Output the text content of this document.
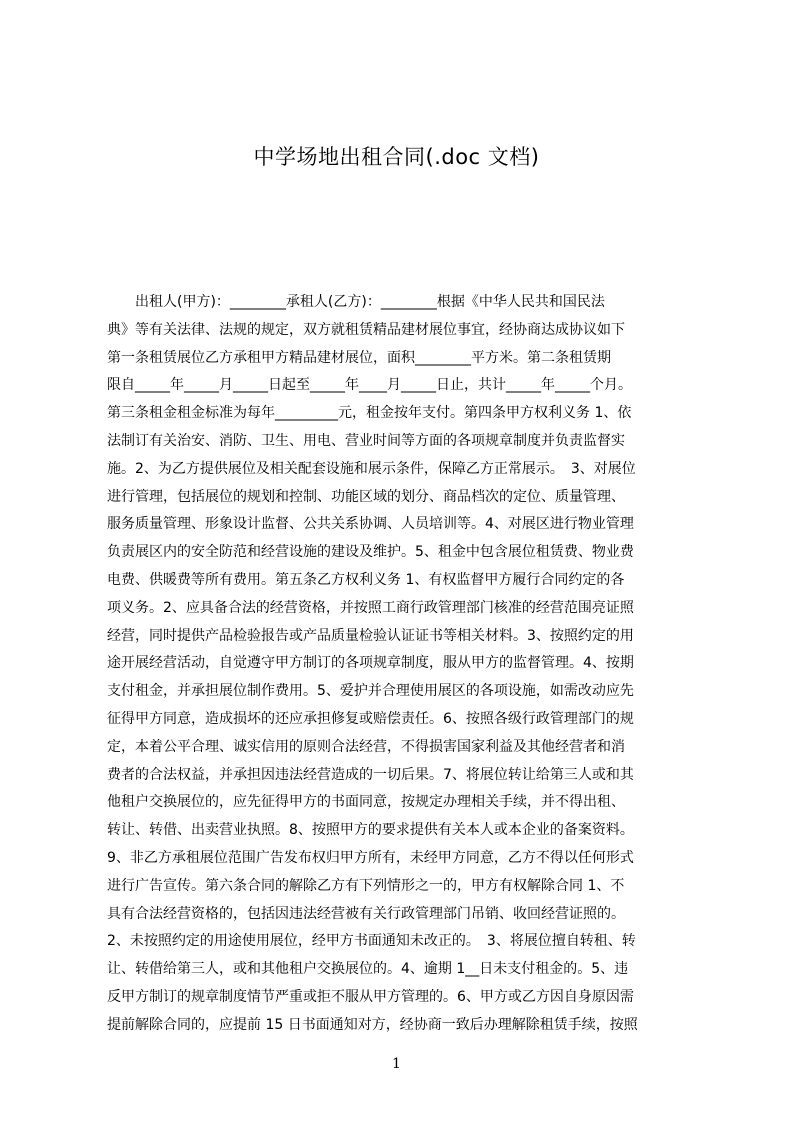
中学场地出租合同(.doc 文档)

　　出租人(甲方)：________承租人(乙方)：________根据《中华人民共和国民法

典》等有关法律、法规的规定，双方就租赁精品建材展位事宜，经协商达成协议如下

第一条租赁展位乙方承租甲方精品建材展位，面积________平方米。第二条租赁期

限自_____年_____月_____日起至_____年____月_____日止，共计_____年_____个月。

第三条租金租金标准为每年_________元，租金按年支付。第四条甲方权利义务 1、依

法制订有关治安、消防、卫生、用电、营业时间等方面的各项规章制度并负责监督实

施。2、为乙方提供展位及相关配套设施和展示条件，保障乙方正常展示。　3、对展位

进行管理，包括展位的规划和控制、功能区域的划分、商品档次的定位、质量管理、

服务质量管理、形象设计监督、公共关系协调、人员培训等。4、对展区进行物业管理

负责展区内的安全防范和经营设施的建设及维护。5、租金中包含展位租赁费、物业费

电费、供暖费等所有费用。第五条乙方权利义务 1、有权监督甲方履行合同约定的各

项义务。2、应具备合法的经营资格，并按照工商行政管理部门核准的经营范围亮证照

经营，同时提供产品检验报告或产品质量检验认证证书等相关材料。3、按照约定的用

途开展经营活动，自觉遵守甲方制订的各项规章制度，服从甲方的监督管理。4、按期

支付租金，并承担展位制作费用。5、爱护并合理使用展区的各项设施，如需改动应先

征得甲方同意，造成损坏的还应承担修复或赔偿责任。6、按照各级行政管理部门的规

定，本着公平合理、诚实信用的原则合法经营，不得损害国家利益及其他经营者和消

费者的合法权益，并承担因违法经营造成的一切后果。7、将展位转让给第三人或和其

他租户交换展位的，应先征得甲方的书面同意，按规定办理相关手续，并不得出租、

转让、转借、出卖营业执照。8、按照甲方的要求提供有关本人或本企业的备案资料。

9、非乙方承租展位范围广告发布权归甲方所有，未经甲方同意，乙方不得以任何形式

进行广告宣传。第六条合同的解除乙方有下列情形之一的，甲方有权解除合同 1、不

具有合法经营资格的，包括因违法经营被有关行政管理部门吊销、收回经营证照的。

2、未按照约定的用途使用展位，经甲方书面通知未改正的。　3、将展位擅自转租、转

让、转借给第三人，或和其他租户交换展位的。4、逾期 1__日未支付租金的。5、违

反甲方制订的规章制度情节严重或拒不服从甲方管理的。6、甲方或乙方因自身原因需

提前解除合同的，应提前 15 日书面通知对方，经协商一致后办理解除租赁手续，按照

1
